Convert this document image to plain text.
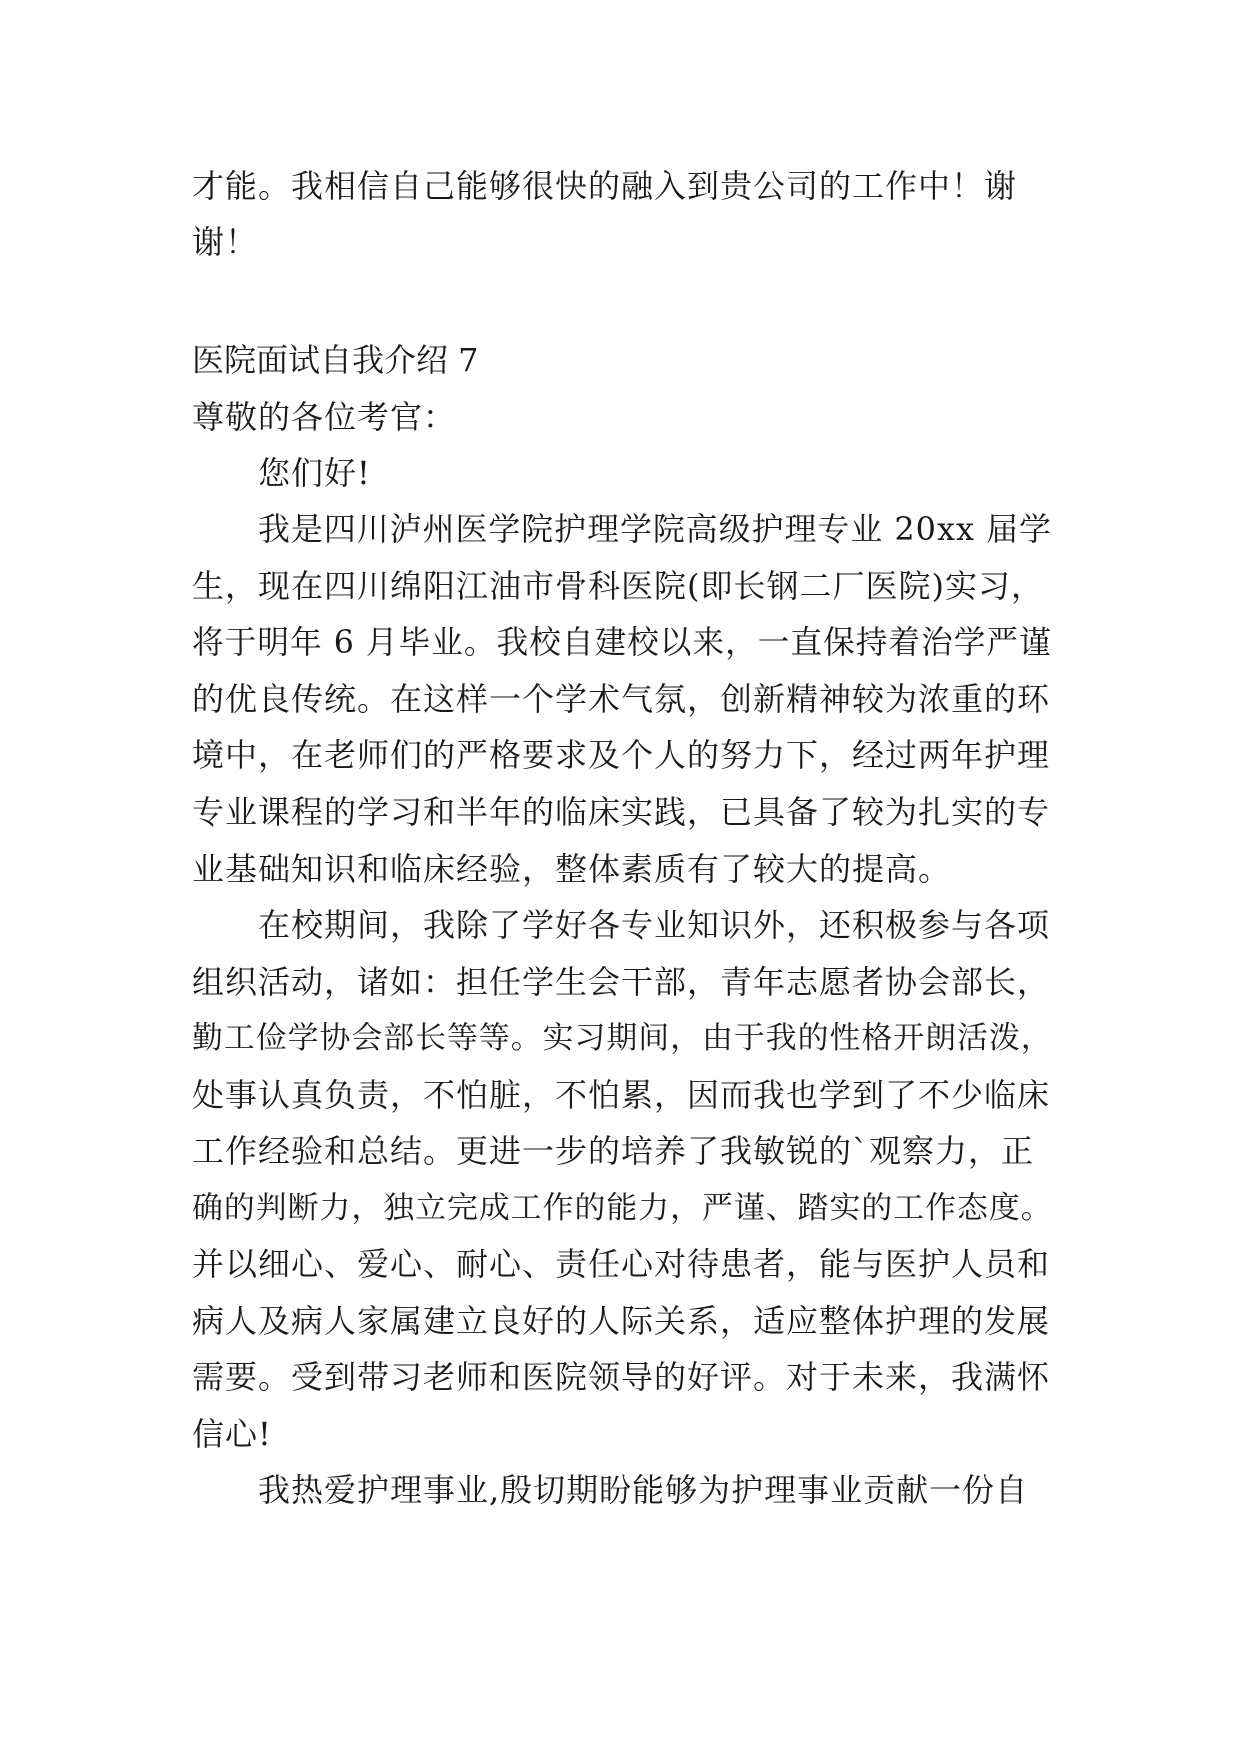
才能。我相信自己能够很快的融入到贵公司的工作中！谢
谢！
医院面试自我介绍 7
尊敬的各位考官：
您们好!
我是四川泸州医学院护理学院高级护理专业 20xx 届学
生，现在四川绵阳江油市骨科医院(即长钢二厂医院)实习，
将于明年 6 月毕业。我校自建校以来，一直保持着治学严谨
的优良传统。在这样一个学术气氛，创新精神较为浓重的环
境中，在老师们的严格要求及个人的努力下，经过两年护理
专业课程的学习和半年的临床实践，已具备了较为扎实的专
业基础知识和临床经验，整体素质有了较大的提高。
在校期间，我除了学好各专业知识外，还积极参与各项
组织活动，诸如：担任学生会干部，青年志愿者协会部长，
勤工俭学协会部长等等。实习期间，由于我的性格开朗活泼，
处事认真负责，不怕脏，不怕累，因而我也学到了不少临床
工作经验和总结。更进一步的培养了我敏锐的`观察力，正
确的判断力，独立完成工作的能力，严谨、踏实的工作态度。
并以细心、爱心、耐心、责任心对待患者，能与医护人员和
病人及病人家属建立良好的人际关系，适应整体护理的发展
需要。受到带习老师和医院领导的好评。对于未来，我满怀
信心!
我热爱护理事业,殷切期盼能够为护理事业贡献一份自
